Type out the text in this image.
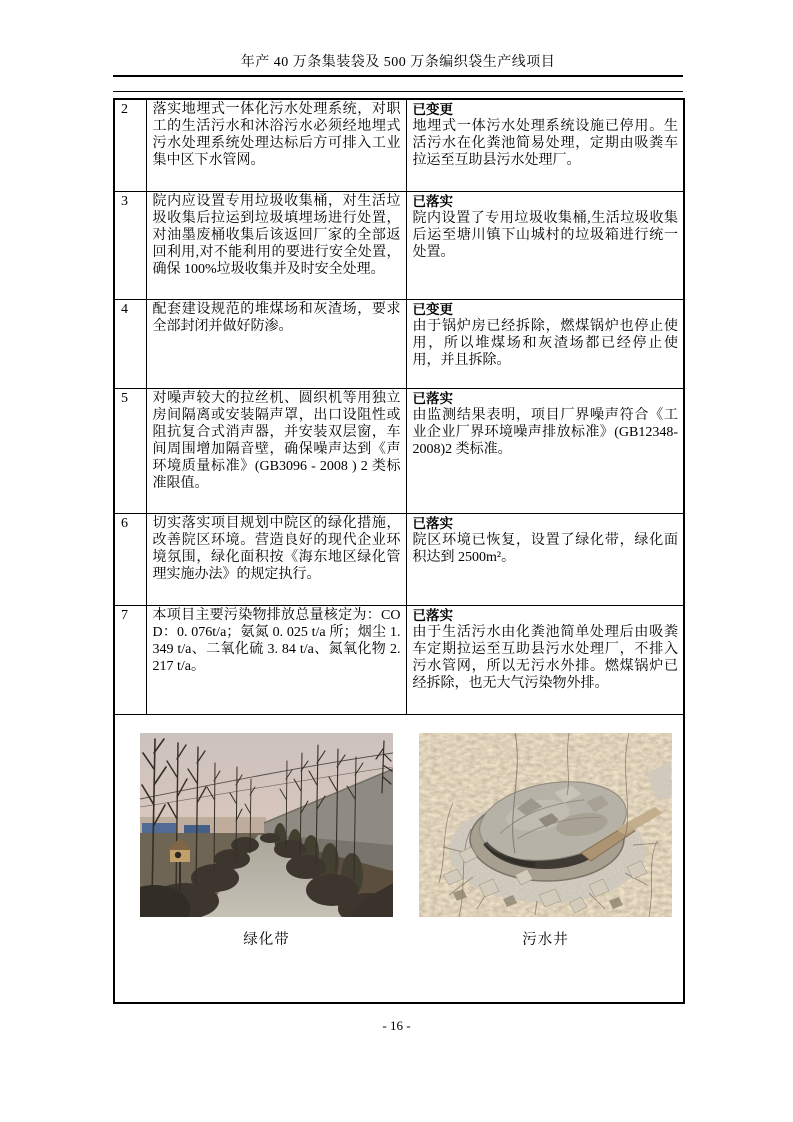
年产 40 万条集装袋及 500 万条编织袋生产线项目
2	落实地埋式一体化污水处理系统，对职工的生活污水和沐浴污水必须经地埋式污水处理系统处理达标后方可排入工业集中区下水管网。	已变更
地埋式一体污水处理系统设施已停用。生活污水在化粪池简易处理，定期由吸粪车拉运至互助县污水处理厂。
3	院内应设置专用垃圾收集桶，对生活垃圾收集后拉运到垃圾填埋场进行处置，对油墨废桶收集后该返回厂家的全部返回利用,对不能利用的要进行安全处置，确保 100%垃圾收集并及时安全处理。	已落实
院内设置了专用垃圾收集桶,生活垃圾收集后运至塘川镇下山城村的垃圾箱进行统一处置。
4	配套建设规范的堆煤场和灰渣场，要求全部封闭并做好防渗。	已变更
由于锅炉房已经拆除，燃煤锅炉也停止使用，所以堆煤场和灰渣场都已经停止使用，并且拆除。
5	对噪声较大的拉丝机、圆织机等用独立房间隔离或安装隔声罩，出口设阻性或阻抗复合式消声器，并安装双层窗，车间周围增加隔音壁，确保噪声达到《声环境质量标准》(GB3096 - 2008 ) 2 类标准限值。	已落实
由监测结果表明，项目厂界噪声符合《工业企业厂界环境噪声排放标准》(GB12348-2008)2 类标准。
6	切实落实项目规划中院区的绿化措施，改善院区环境。营造良好的现代企业环境氛围，绿化面积按《海东地区绿化管理实施办法》的规定执行。	已落实
院区环境已恢复，设置了绿化带，绿化面积达到 2500m²。
7	本项目主要污染物排放总量核定为：COD：0. 076t/a；氨氮 0. 025 t/a 所；烟尘 1. 349 t/a、二氧化硫 3. 84 t/a、氮氧化物 2. 217 t/a。	已落实
由于生活污水由化粪池简单处理后由吸粪车定期拉运至互助县污水处理厂，不排入污水管网，所以无污水外排。燃煤锅炉已经拆除，也无大气污染物外排。

绿化带 污水井		
- 16 -
